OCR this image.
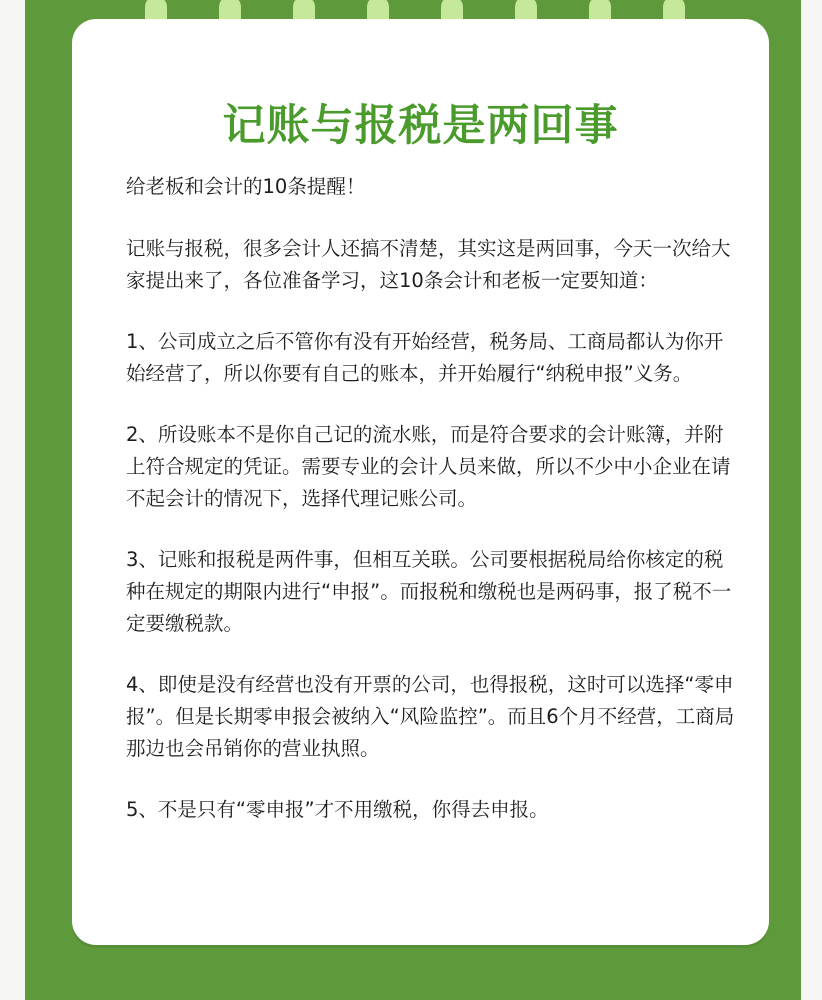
记账与报税是两回事

给老板和会计的10条提醒！

记账与报税，很多会计人还搞不清楚，其实这是两回事，今天一次给大家提出来了，各位准备学习，这10条会计和老板一定要知道：

1、公司成立之后不管你有没有开始经营，税务局、工商局都认为你开始经营了，所以你要有自己的账本，并开始履行“纳税申报”义务。

2、所设账本不是你自己记的流水账，而是符合要求的会计账簿，并附上符合规定的凭证。需要专业的会计人员来做，所以不少中小企业在请不起会计的情况下，选择代理记账公司。

3、记账和报税是两件事，但相互关联。公司要根据税局给你核定的税种在规定的期限内进行“申报”。而报税和缴税也是两码事，报了税不一定要缴税款。

4、即使是没有经营也没有开票的公司，也得报税，这时可以选择“零申报”。但是长期零申报会被纳入“风险监控”。而且6个月不经营，工商局那边也会吊销你的营业执照。

5、不是只有“零申报”才不用缴税，你得去申报。
